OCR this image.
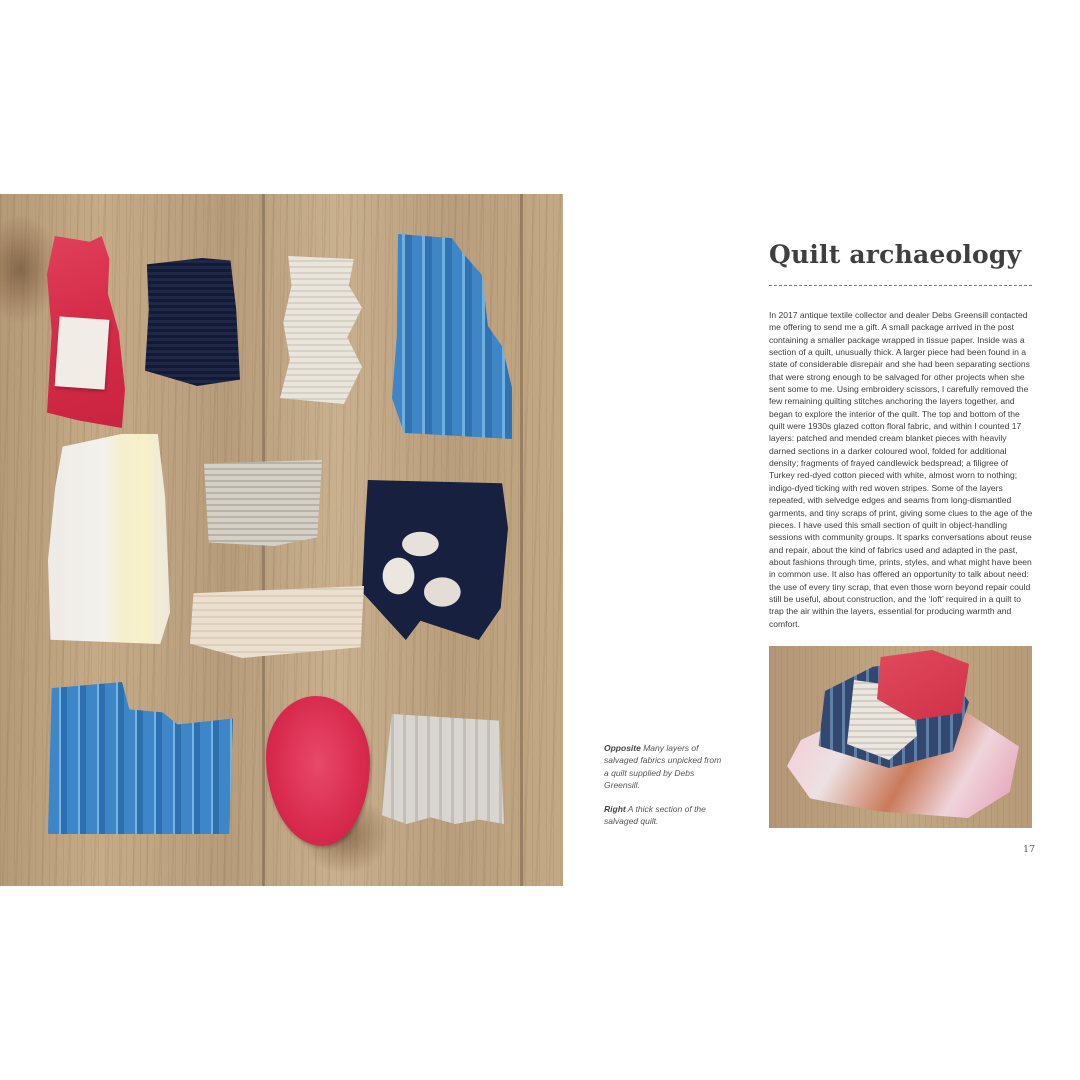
Opposite Many layers of salvaged fabrics unpicked from a quilt supplied by Debs Greensill.

Right A thick section of the salvaged quilt.

Quilt archaeology

In 2017 antique textile collector and dealer Debs Greensill contacted me offering to send me a gift. A small package arrived in the post containing a smaller package wrapped in tissue paper. Inside was a section of a quilt, unusually thick. A larger piece had been found in a state of considerable disrepair and she had been separating sections that were strong enough to be salvaged for other projects when she sent some to me. Using embroidery scissors, I carefully removed the few remaining quilting stitches anchoring the layers together, and began to explore the interior of the quilt. The top and bottom of the quilt were 1930s glazed cotton floral fabric, and within I counted 17 layers: patched and mended cream blanket pieces with heavily darned sections in a darker coloured wool, folded for additional density; fragments of frayed candlewick bedspread; a filigree of Turkey red-dyed cotton pieced with white, almost worn to nothing; indigo-dyed ticking with red woven stripes. Some of the layers repeated, with selvedge edges and seams from long-dismantled garments, and tiny scraps of print, giving some clues to the age of the pieces. I have used this small section of quilt in object-handling sessions with community groups. It sparks conversations about reuse and repair, about the kind of fabrics used and adapted in the past, about fashions through time, prints, styles, and what might have been in common use. It also has offered an opportunity to talk about need: the use of every tiny scrap, that even those worn beyond repair could still be useful, about construction, and the ‘loft’ required in a quilt to trap the air within the layers, essential for producing warmth and comfort.

17
